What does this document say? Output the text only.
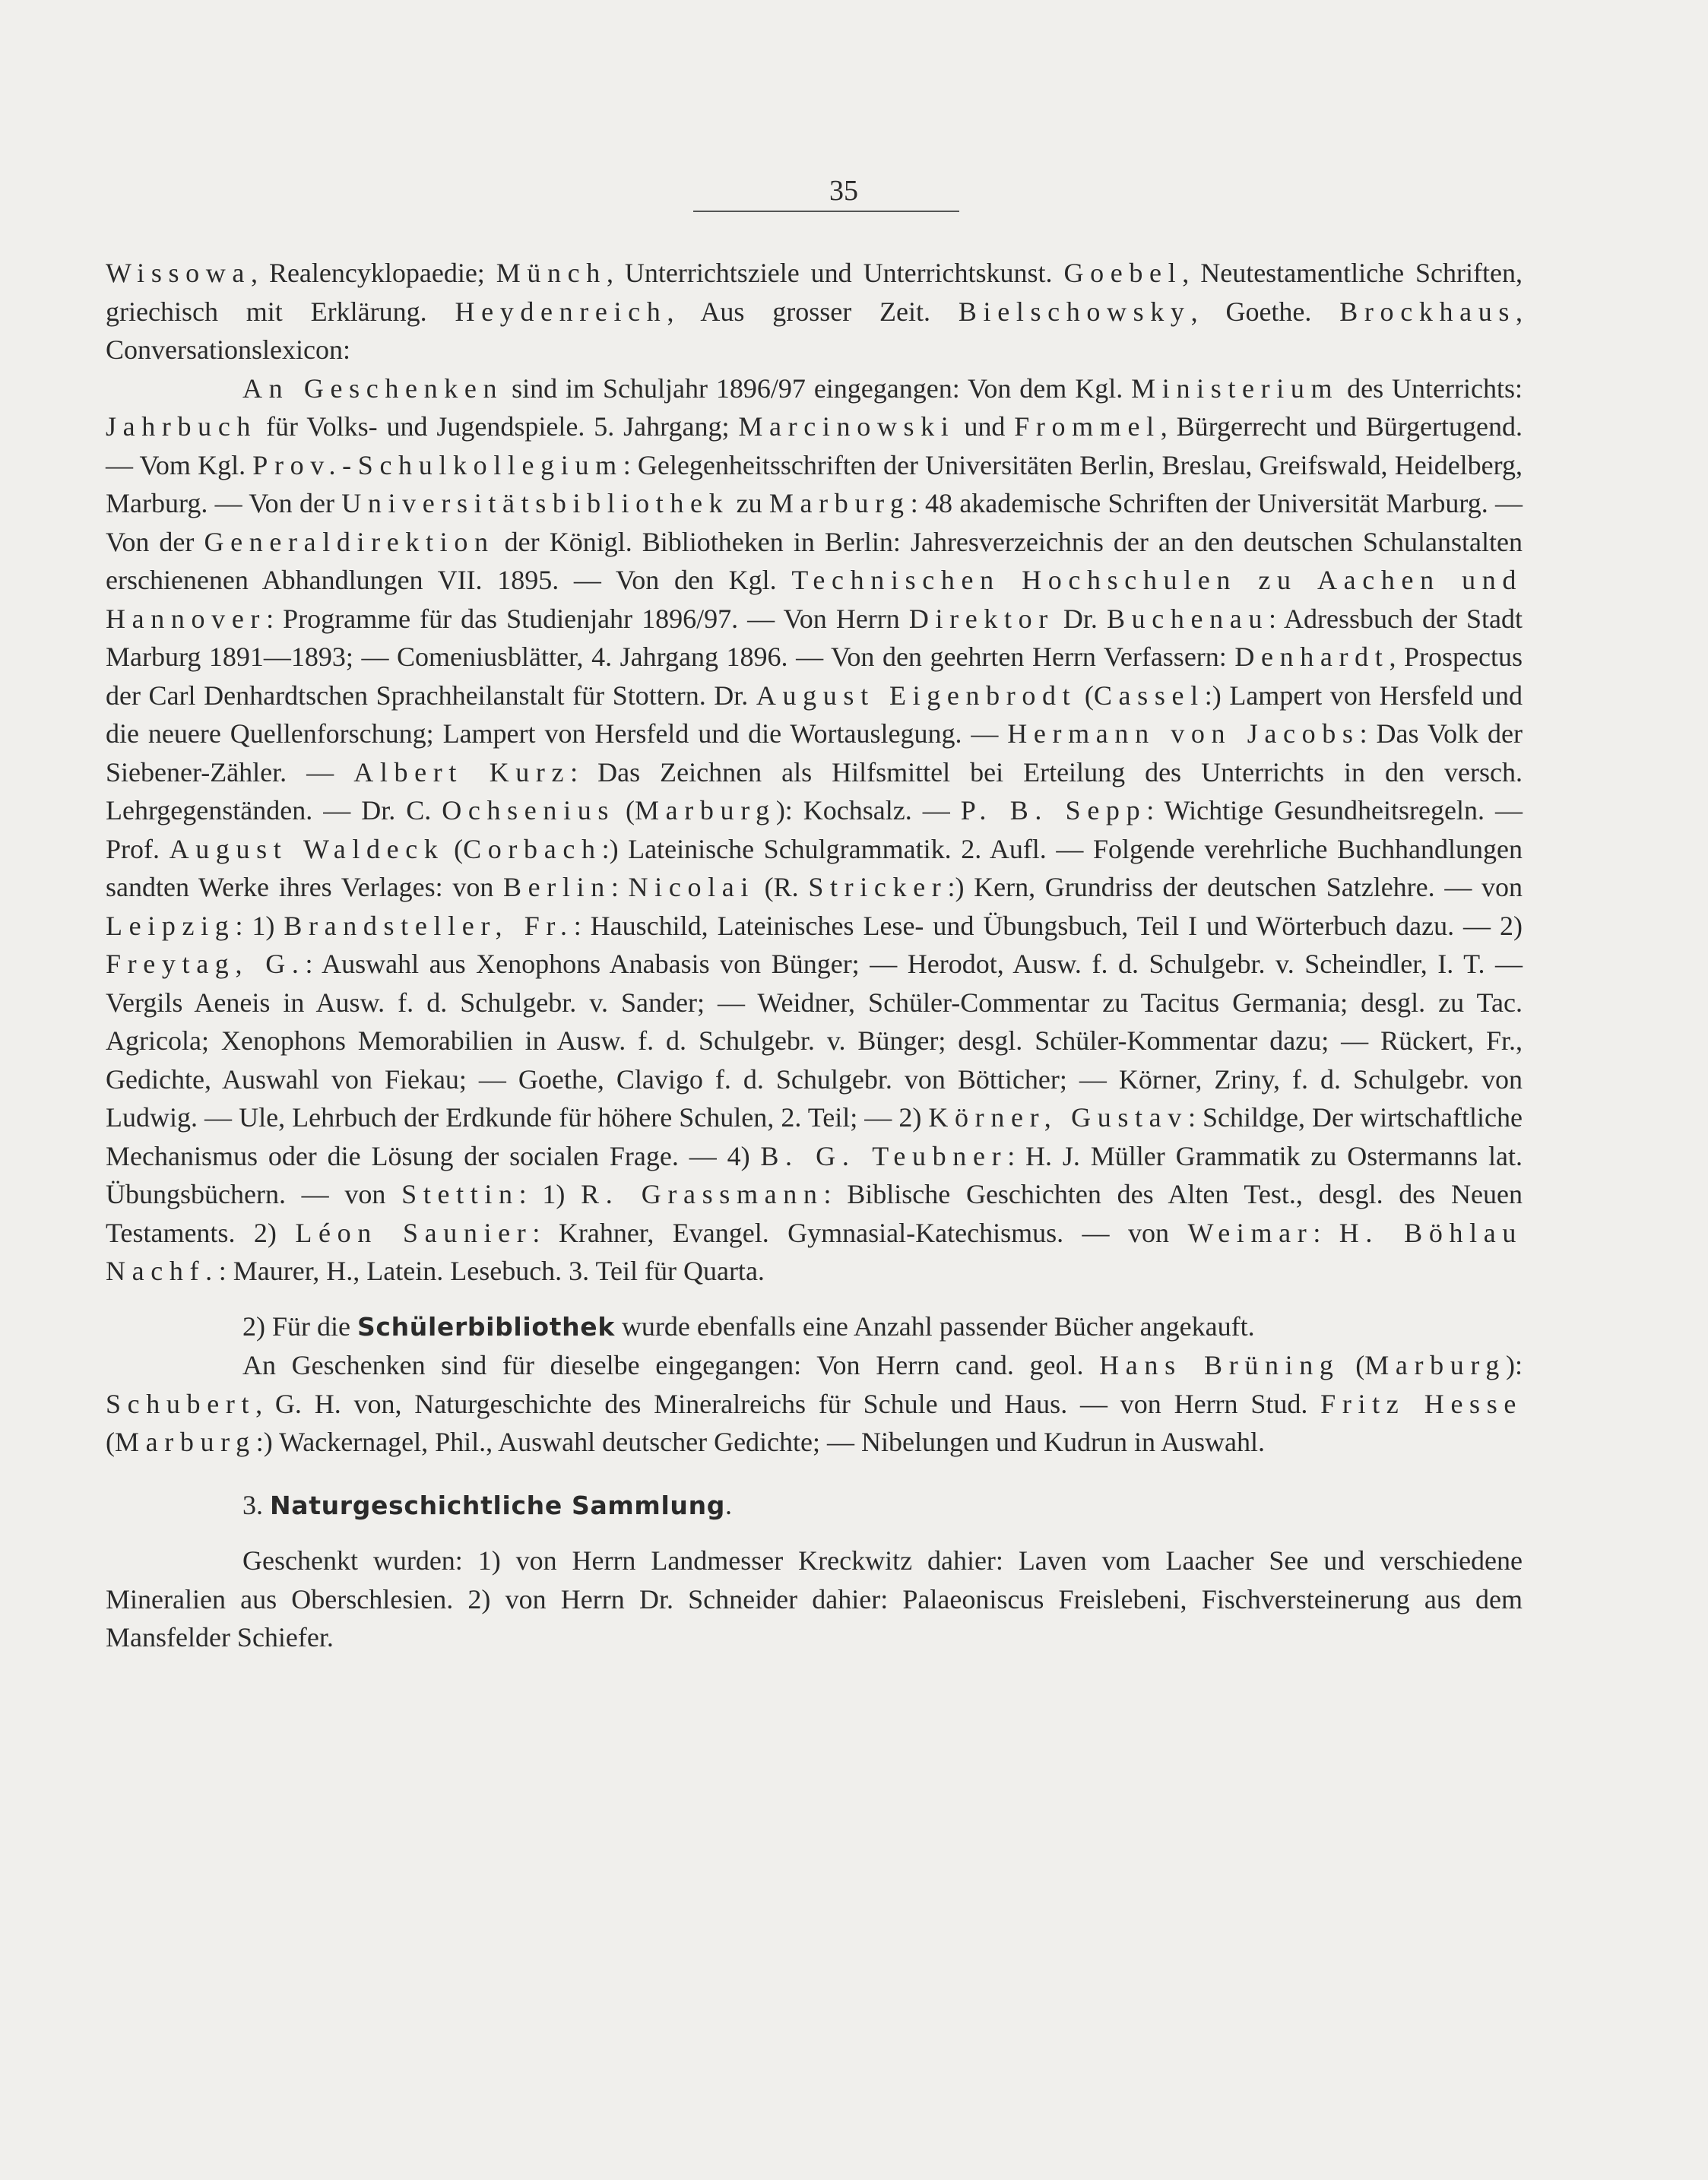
35

Wissowa, Realencyklopaedie; Münch, Unterrichtsziele und Unterrichtskunst. Goebel, Neutestamentliche Schriften, griechisch mit Erklärung. Heydenreich, Aus grosser Zeit. Bielschowsky, Goethe. Brockhaus, Conversationslexicon:

An Geschenken sind im Schuljahr 1896/97 eingegangen: Von dem Kgl. Ministerium des Unterrichts: Jahrbuch für Volks- und Jugendspiele. 5. Jahrgang; Marcinowski und Frommel, Bürgerrecht und Bürgertugend. — Vom Kgl. Prov.-Schulkollegium: Gelegenheitsschriften der Universitäten Berlin, Breslau, Greifswald, Heidelberg, Marburg. — Von der Universitätsbibliothek zu Marburg: 48 akademische Schriften der Universität Marburg. — Von der Generaldirektion der Königl. Bibliotheken in Berlin: Jahresverzeichnis der an den deutschen Schulanstalten erschienenen Abhandlungen VII. 1895. — Von den Kgl. Technischen Hochschulen zu Aachen und Hannover: Programme für das Studienjahr 1896/97. — Von Herrn Direktor Dr. Buchenau: Adressbuch der Stadt Marburg 1891—1893; — Comeniusblätter, 4. Jahrgang 1896. — Von den geehrten Herrn Verfassern: Denhardt, Prospectus der Carl Denhardtschen Sprachheilanstalt für Stottern. Dr. August Eigenbrodt (Cassel:) Lampert von Hersfeld und die neuere Quellenforschung; Lampert von Hersfeld und die Wortauslegung. — Hermann von Jacobs: Das Volk der Siebener-Zähler. — Albert Kurz: Das Zeichnen als Hilfsmittel bei Erteilung des Unterrichts in den versch. Lehrgegenständen. — Dr. C. Ochsenius (Marburg): Kochsalz. — P. B. Sepp: Wichtige Gesundheitsregeln. — Prof. August Waldeck (Corbach:) Lateinische Schulgrammatik. 2. Aufl. — Folgende verehrliche Buchhandlungen sandten Werke ihres Verlages: von Berlin: Nicolai (R. Stricker:) Kern, Grundriss der deutschen Satzlehre. — von Leipzig: 1) Brandsteller, Fr.: Hauschild, Lateinisches Lese- und Übungsbuch, Teil I und Wörterbuch dazu. — 2) Freytag, G.: Auswahl aus Xenophons Anabasis von Bünger; — Herodot, Ausw. f. d. Schulgebr. v. Scheindler, I. T. — Vergils Aeneis in Ausw. f. d. Schulgebr. v. Sander; — Weidner, Schüler-Commentar zu Tacitus Germania; desgl. zu Tac. Agricola; Xenophons Memorabilien in Ausw. f. d. Schulgebr. v. Bünger; desgl. Schüler-Kommentar dazu; — Rückert, Fr., Gedichte, Auswahl von Fiekau; — Goethe, Clavigo f. d. Schulgebr. von Bötticher; — Körner, Zriny, f. d. Schulgebr. von Ludwig. — Ule, Lehrbuch der Erdkunde für höhere Schulen, 2. Teil; — 2) Körner, Gustav: Schildge, Der wirtschaftliche Mechanismus oder die Lösung der socialen Frage. — 4) B. G. Teubner: H. J. Müller Grammatik zu Ostermanns lat. Übungsbüchern. — von Stettin: 1) R. Grassmann: Biblische Geschichten des Alten Test., desgl. des Neuen Testaments. 2) Léon Saunier: Krahner, Evangel. Gymnasial-Katechismus. — von Weimar: H. Böhlau Nachf.: Maurer, H., Latein. Lesebuch. 3. Teil für Quarta.

2) Für die Schülerbibliothek wurde ebenfalls eine Anzahl passender Bücher angekauft.

An Geschenken sind für dieselbe eingegangen: Von Herrn cand. geol. Hans Brüning (Marburg): Schubert, G. H. von, Naturgeschichte des Mineralreichs für Schule und Haus. — von Herrn Stud. Fritz Hesse (Marburg:) Wackernagel, Phil., Auswahl deutscher Gedichte; — Nibelungen und Kudrun in Auswahl.

3. Naturgeschichtliche Sammlung.

Geschenkt wurden: 1) von Herrn Landmesser Kreckwitz dahier: Laven vom Laacher See und verschiedene Mineralien aus Oberschlesien. 2) von Herrn Dr. Schneider dahier: Palaeoniscus Freislebeni, Fischversteinerung aus dem Mansfelder Schiefer.
